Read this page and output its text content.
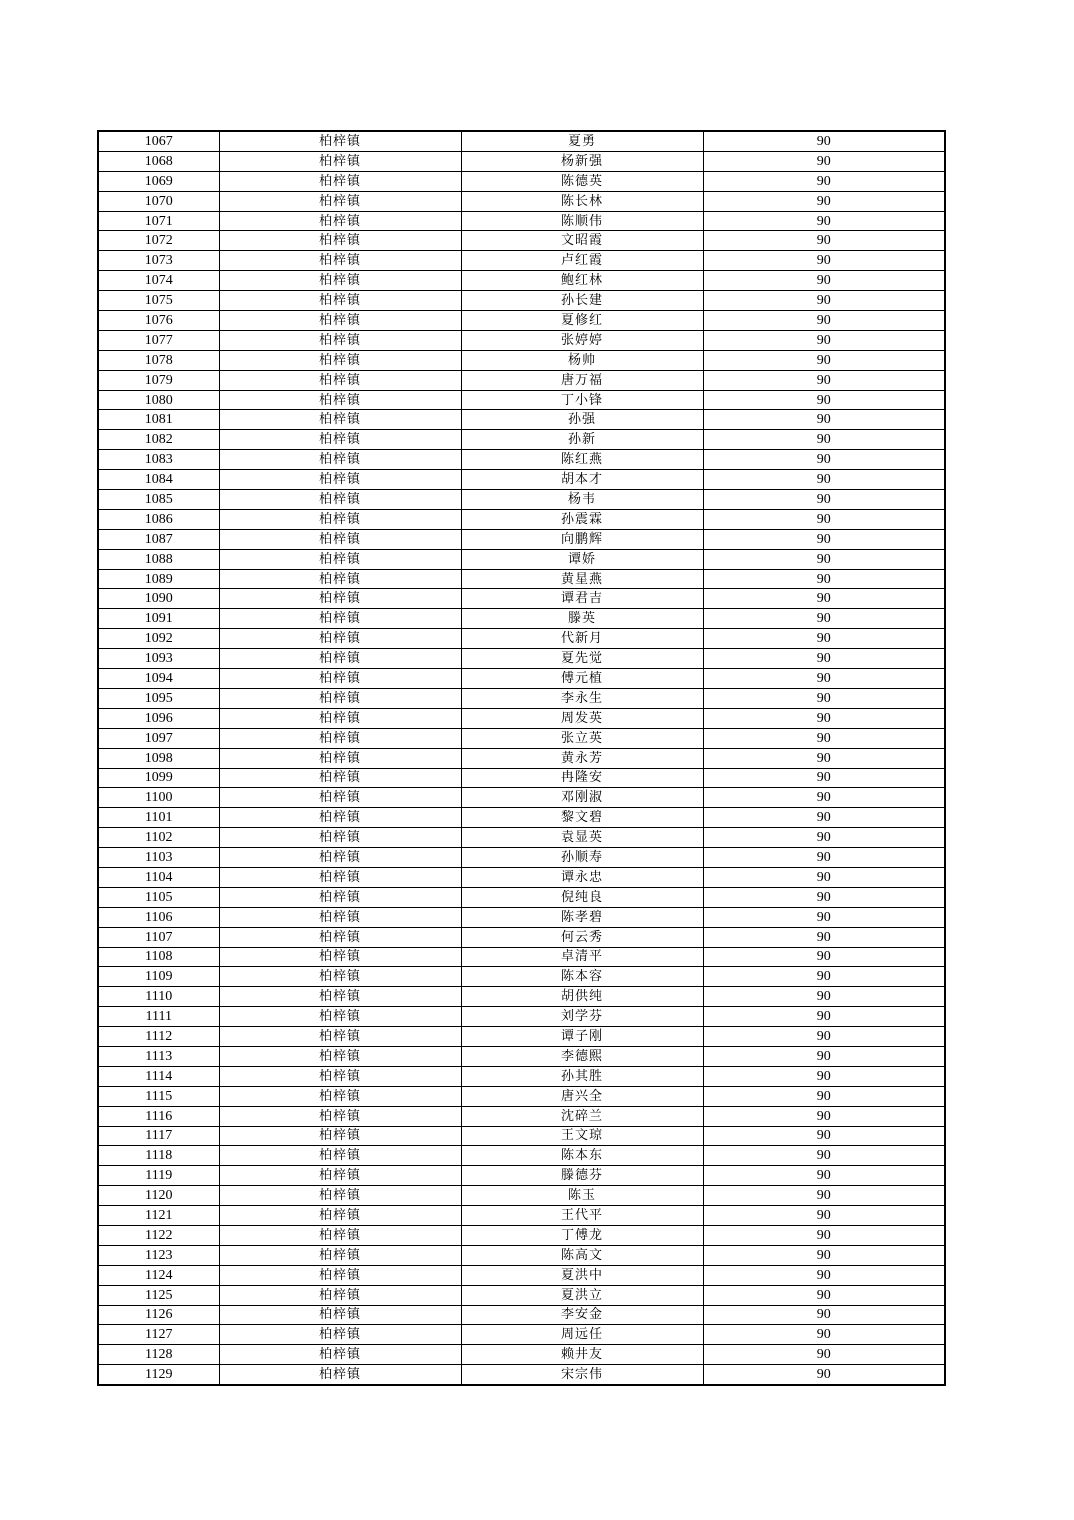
1067	柏梓镇	夏勇	90
1068	柏梓镇	杨新强	90
1069	柏梓镇	陈德英	90
1070	柏梓镇	陈长林	90
1071	柏梓镇	陈顺伟	90
1072	柏梓镇	文昭霞	90
1073	柏梓镇	卢红霞	90
1074	柏梓镇	鲍红林	90
1075	柏梓镇	孙长建	90
1076	柏梓镇	夏修红	90
1077	柏梓镇	张婷婷	90
1078	柏梓镇	杨帅	90
1079	柏梓镇	唐万福	90
1080	柏梓镇	丁小锋	90
1081	柏梓镇	孙强	90
1082	柏梓镇	孙新	90
1083	柏梓镇	陈红燕	90
1084	柏梓镇	胡本才	90
1085	柏梓镇	杨韦	90
1086	柏梓镇	孙震霖	90
1087	柏梓镇	向鹏辉	90
1088	柏梓镇	谭娇	90
1089	柏梓镇	黄星燕	90
1090	柏梓镇	谭君吉	90
1091	柏梓镇	滕英	90
1092	柏梓镇	代新月	90
1093	柏梓镇	夏先觉	90
1094	柏梓镇	傅元植	90
1095	柏梓镇	李永生	90
1096	柏梓镇	周发英	90
1097	柏梓镇	张立英	90
1098	柏梓镇	黄永芳	90
1099	柏梓镇	冉隆安	90
1100	柏梓镇	邓刚淑	90
1101	柏梓镇	黎文碧	90
1102	柏梓镇	袁显英	90
1103	柏梓镇	孙顺寿	90
1104	柏梓镇	谭永忠	90
1105	柏梓镇	倪纯良	90
1106	柏梓镇	陈孝碧	90
1107	柏梓镇	何云秀	90
1108	柏梓镇	卓清平	90
1109	柏梓镇	陈本容	90
1110	柏梓镇	胡供纯	90
1111	柏梓镇	刘学芬	90
1112	柏梓镇	谭子刚	90
1113	柏梓镇	李德熙	90
1114	柏梓镇	孙其胜	90
1115	柏梓镇	唐兴全	90
1116	柏梓镇	沈碎兰	90
1117	柏梓镇	王文琼	90
1118	柏梓镇	陈本东	90
1119	柏梓镇	滕德芬	90
1120	柏梓镇	陈玉	90
1121	柏梓镇	王代平	90
1122	柏梓镇	丁傅龙	90
1123	柏梓镇	陈高文	90
1124	柏梓镇	夏洪中	90
1125	柏梓镇	夏洪立	90
1126	柏梓镇	李安金	90
1127	柏梓镇	周远任	90
1128	柏梓镇	赖井友	90
1129	柏梓镇	宋宗伟	90
